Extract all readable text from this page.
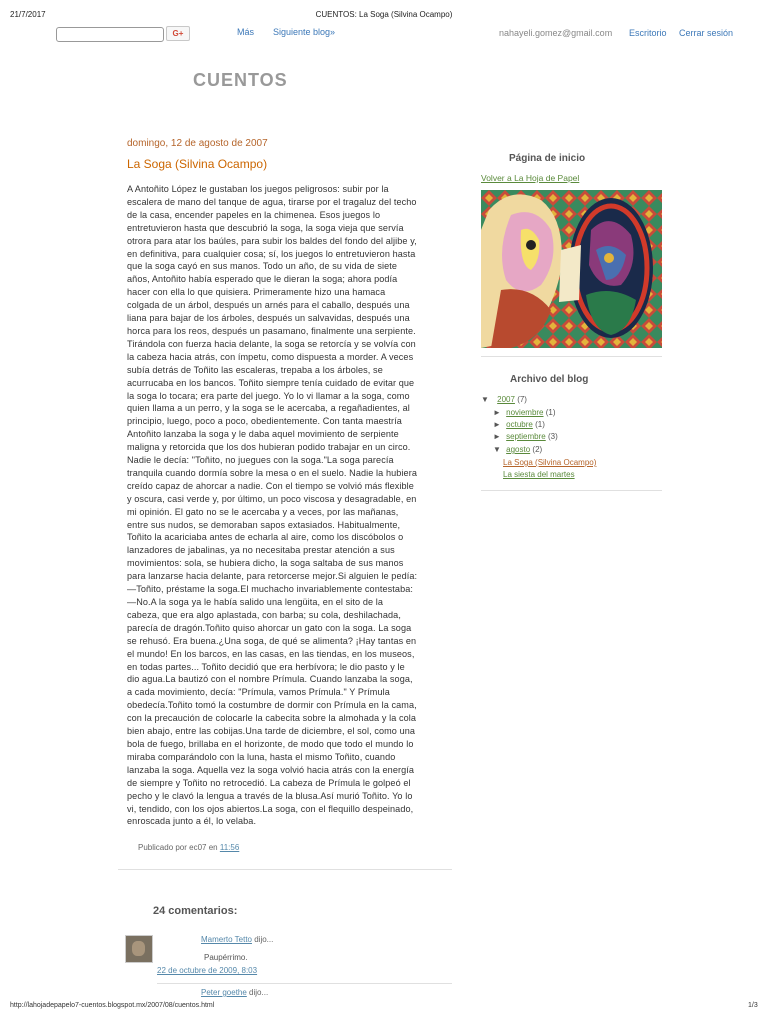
21/7/2017	CUENTOS: La Soga (Silvina Ocampo)
G+	Más Siguiente blog»	nahayeli.gomez@gmail.com Escritorio Cerrar sesión
CUENTOS
domingo, 12 de agosto de 2007
La Soga (Silvina Ocampo)
A Antoñito López le gustaban los juegos peligrosos: subir por la
escalera de mano del tanque de agua, tirarse por el tragaluz del techo
de la casa, encender papeles en la chimenea. Esos juegos lo
entretuvieron hasta que descubrió la soga, la soga vieja que servía
otrora para atar los baúles, para subir los baldes del fondo del aljibe y,
en definitiva, para cualquier cosa; sí, los juegos lo entretuvieron hasta
que la soga cayó en sus manos. Todo un año, de su vida de siete
años, Antoñito había esperado que le dieran la soga; ahora podía
hacer con ella lo que quisiera. Primeramente hizo una hamaca
colgada de un árbol, después un arnés para el caballo, después una
liana para bajar de los árboles, después un salvavidas, después una
horca para los reos, después un pasamano, finalmente una serpiente.
Tirándola con fuerza hacia delante, la soga se retorcía y se volvía con
la cabeza hacia atrás, con ímpetu, como dispuesta a morder. A veces
subía detrás de Toñito las escaleras, trepaba a los árboles, se
acurrucaba en los bancos. Toñito siempre tenía cuidado de evitar que
la soga lo tocara; era parte del juego. Yo lo vi llamar a la soga, como
quien llama a un perro, y la soga se le acercaba, a regañadientes, al
principio, luego, poco a poco, obedientemente. Con tanta maestría
Antoñito lanzaba la soga y le daba aquel movimiento de serpiente
maligna y retorcida que los dos hubieran podido trabajar en un circo.
Nadie le decía: "Toñito, no juegues con la soga."La soga parecía
tranquila cuando dormía sobre la mesa o en el suelo. Nadie la hubiera
creído capaz de ahorcar a nadie. Con el tiempo se volvió más flexible
y oscura, casi verde y, por último, un poco viscosa y desagradable, en
mi opinión. El gato no se le acercaba y a veces, por las mañanas,
entre sus nudos, se demoraban sapos extasiados. Habitualmente,
Toñito la acariciaba antes de echarla al aire, como los discóbolos o
lanzadores de jabalinas, ya no necesitaba prestar atención a sus
movimientos: sola, se hubiera dicho, la soga saltaba de sus manos
para lanzarse hacia delante, para retorcerse mejor.Si alguien le pedía:
—Toñito, préstame la soga.El muchacho invariablemente contestaba:
—No.A la soga ya le había salido una lengüita, en el sito de la
cabeza, que era algo aplastada, con barba; su cola, deshilachada,
parecía de dragón.Toñito quiso ahorcar un gato con la soga. La soga
se rehusó. Era buena.¿Una soga, de qué se alimenta? ¡Hay tantas en
el mundo! En los barcos, en las casas, en las tiendas, en los museos,
en todas partes... Toñito decidió que era herbívora; le dio pasto y le
dio agua.La bautizó con el nombre Prímula. Cuando lanzaba la soga,
a cada movimiento, decía: "Prímula, vamos Prímula." Y Prímula
obedecía.Toñito tomó la costumbre de dormir con Prímula en la cama,
con la precaución de colocarle la cabecita sobre la almohada y la cola
bien abajo, entre las cobijas.Una tarde de diciembre, el sol, como una
bola de fuego, brillaba en el horizonte, de modo que todo el mundo lo
miraba comparándolo con la luna, hasta el mismo Toñito, cuando
lanzaba la soga. Aquella vez la soga volvió hacia atrás con la energía
de siempre y Toñito no retrocedió. La cabeza de Prímula le golpeó el
pecho y le clavó la lengua a través de la blusa.Así murió Toñito. Yo lo
vi, tendido, con los ojos abiertos.La soga, con el flequillo despeinado,
enroscada junto a él, lo velaba.
Publicado por ec07 en 11:56
24 comentarios:
Mamerto Tetto dijo...
Paupérrimo.
22 de octubre de 2009, 8:03
Peter goethe dijo...
Página de inicio
Volver a La Hoja de Papel
Archivo del blog
▼ 2007 (7)
► noviembre (1)
► octubre (1)
► septiembre (3)
▼ agosto (2)
La Soga (Silvina Ocampo)
La siesta del martes
http://lahojadepapelo7-cuentos.blogspot.mx/2007/08/cuentos.html	1/3
